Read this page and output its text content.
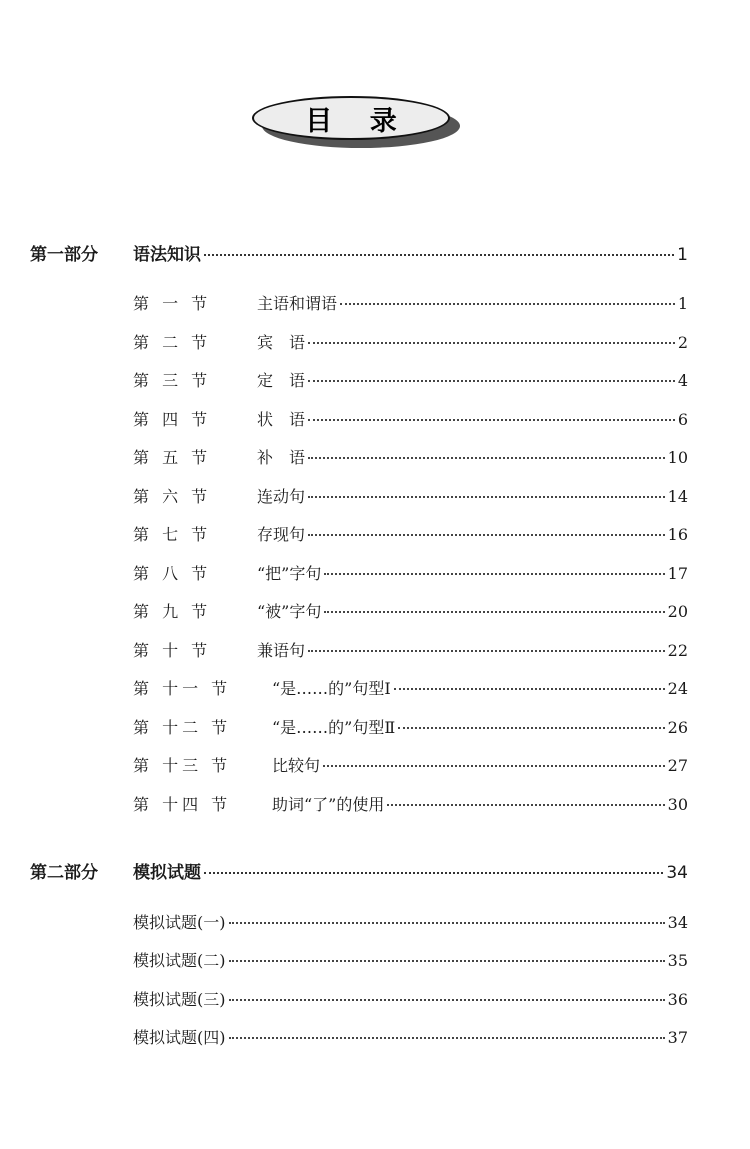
目 录
第一部分	语法知识	1
第 一 节	主语和谓语	1
第 二 节	宾　语	2
第 三 节	定　语	4
第 四 节	状　语	6
第 五 节	补　语	10
第 六 节	连动句	14
第 七 节	存现句	16
第 八 节	“把”字句	17
第 九 节	“被”字句	20
第 十 节	兼语句	22
第 十一 节	“是……的”句型Ⅰ	24
第 十二 节	“是……的”句型Ⅱ	26
第 十三 节	比较句	27
第 十四 节	助词“了”的使用	30
第二部分	模拟试题	34
模拟试题(一)	34
模拟试题(二)	35
模拟试题(三)	36
模拟试题(四)	37
